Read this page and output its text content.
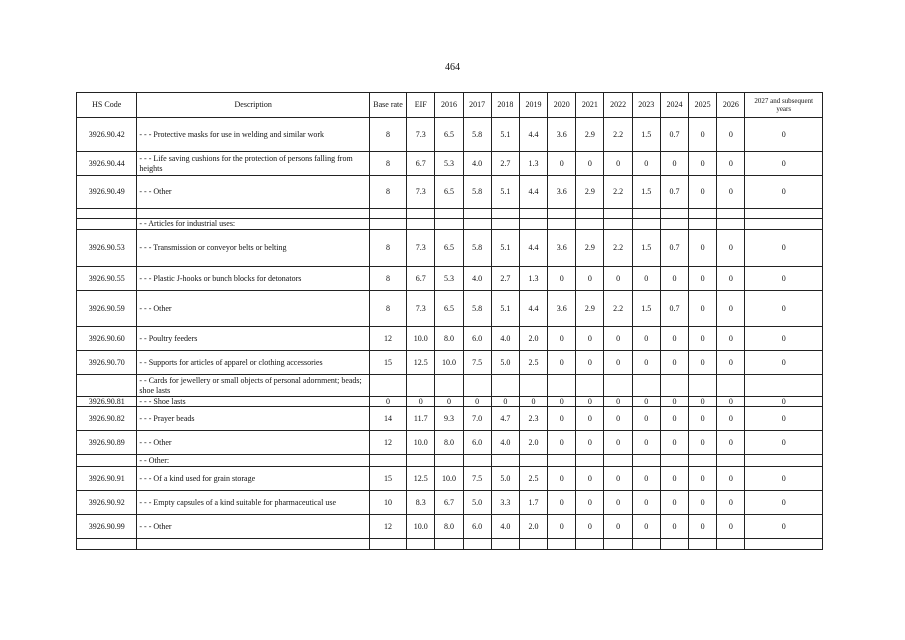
464
HS Code	Description	Base rate	EIF	2016	2017	2018	2019	2020	2021	2022	2023	2024	2025	2026	2027 and subsequent years
3926.90.42	- - - Protective masks for use in welding and similar work	8	7.3	6.5	5.8	5.1	4.4	3.6	2.9	2.2	1.5	0.7	0	0	0
3926.90.44	- - - Life saving cushions for the protection of persons falling from heights	8	6.7	5.3	4.0	2.7	1.3	0	0	0	0	0	0	0	0
3926.90.49	- - - Other	8	7.3	6.5	5.8	5.1	4.4	3.6	2.9	2.2	1.5	0.7	0	0	0

	- - Articles for industrial uses:														
3926.90.53	- - - Transmission or conveyor belts or belting	8	7.3	6.5	5.8	5.1	4.4	3.6	2.9	2.2	1.5	0.7	0	0	0
3926.90.55	- - - Plastic J-hooks or bunch blocks for detonators	8	6.7	5.3	4.0	2.7	1.3	0	0	0	0	0	0	0	0
3926.90.59	- - - Other	8	7.3	6.5	5.8	5.1	4.4	3.6	2.9	2.2	1.5	0.7	0	0	0
3926.90.60	- - Poultry feeders	12	10.0	8.0	6.0	4.0	2.0	0	0	0	0	0	0	0	0
3926.90.70	- - Supports for articles of apparel or clothing accessories	15	12.5	10.0	7.5	5.0	2.5	0	0	0	0	0	0	0	0
	- - Cards for jewellery or small objects of personal adornment; beads; shoe lasts														
3926.90.81	- - - Shoe lasts	0	0	0	0	0	0	0	0	0	0	0	0	0	0
3926.90.82	- - - Prayer beads	14	11.7	9.3	7.0	4.7	2.3	0	0	0	0	0	0	0	0
3926.90.89	- - - Other	12	10.0	8.0	6.0	4.0	2.0	0	0	0	0	0	0	0	0
	- - Other:														
3926.90.91	- - - Of a kind used for grain storage	15	12.5	10.0	7.5	5.0	2.5	0	0	0	0	0	0	0	0
3926.90.92	- - - Empty capsules of a kind suitable for pharmaceutical use	10	8.3	6.7	5.0	3.3	1.7	0	0	0	0	0	0	0	0
3926.90.99	- - - Other	12	10.0	8.0	6.0	4.0	2.0	0	0	0	0	0	0	0	0
